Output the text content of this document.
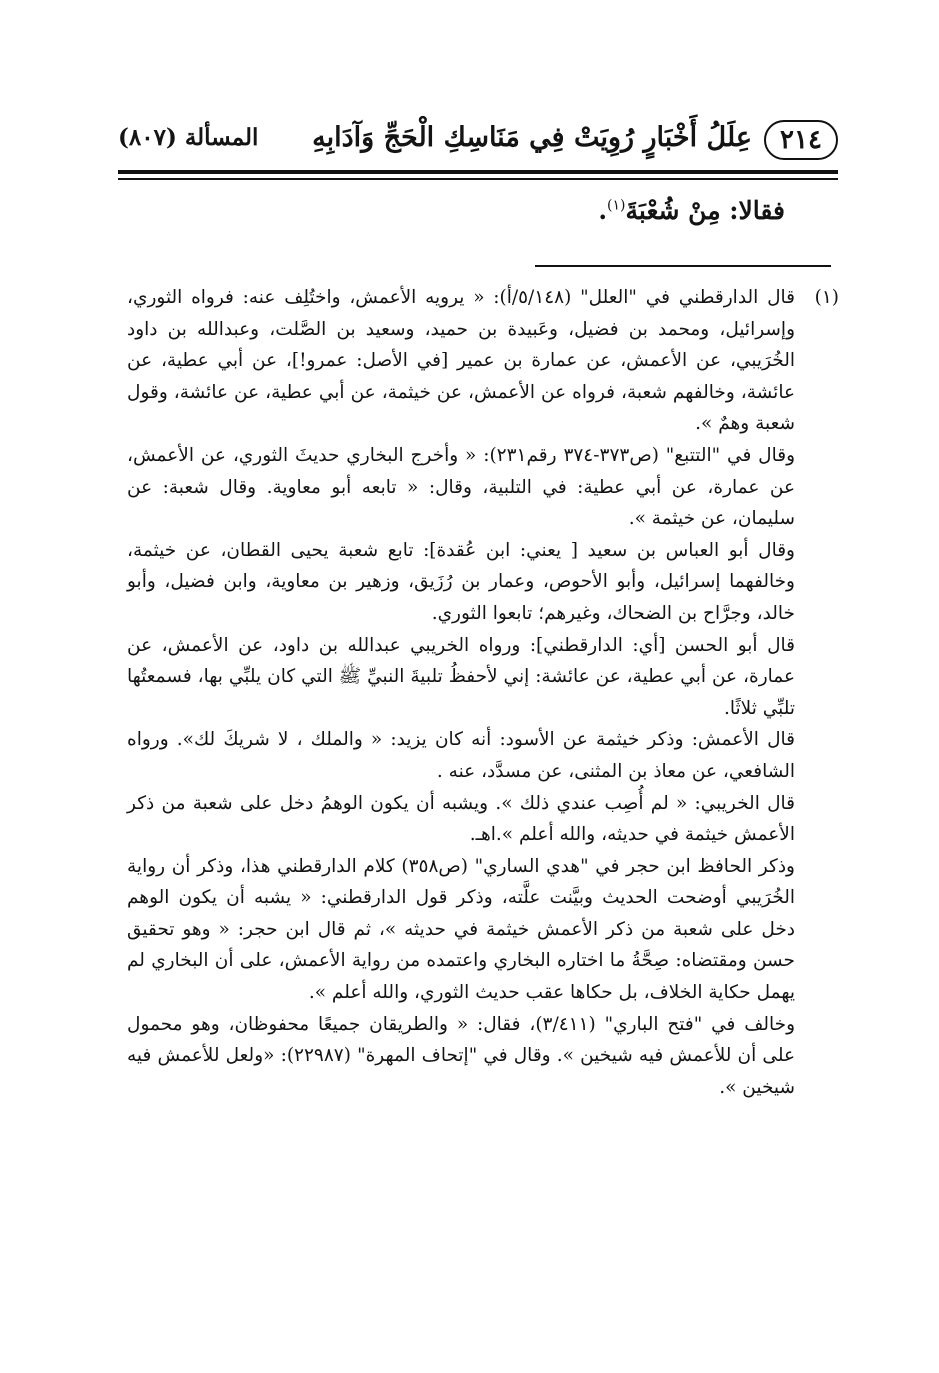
٢١٤
عِلَلُ أَخْبَارٍ رُوِيَتْ فِي مَنَاسِكِ الْحَجِّ وَآدَابِهِ
المسألة (٨٠٧)
فقالا: مِنْ شُعْبَةَ$^{(١)}$.
(١)

قال الدارقطني في "العلل" (٥/١٤٨/أ): « يرويه الأعمش، واختُلِف عنه: فرواه الثوري، وإسرائيل، ومحمد بن فضيل، وعَبيدة بن حميد، وسعيد بن الصَّلت، وعبدالله بن داود الخُرَيبي، عن الأعمش، عن عمارة بن عمير [في الأصل: عمرو!]، عن أبي عطية، عن عائشة، وخالفهم شعبة، فرواه عن الأعمش، عن خيثمة، عن أبي عطية، عن عائشة، وقول شعبة وهمٌ ».

وقال في "التتبع" (ص٣٧٣-٣٧٤ رقم٢٣١): « وأخرج البخاري حديثَ الثوري، عن الأعمش، عن عمارة، عن أبي عطية: في التلبية، وقال: « تابعه أبو معاوية. وقال شعبة: عن سليمان، عن خيثمة ».

وقال أبو العباس بن سعيد [ يعني: ابن عُقدة]: تابع شعبة يحيى القطان، عن خيثمة، وخالفهما إسرائيل، وأبو الأحوص، وعمار بن رُزَيق، وزهير بن معاوية، وابن فضيل، وأبو خالد، وجرَّاح بن الضحاك، وغيرهم؛ تابعوا الثوري.

قال أبو الحسن [أي: الدارقطني]: ورواه الخريبي عبدالله بن داود، عن الأعمش، عن عمارة، عن أبي عطية، عن عائشة: إني لأحفظُ تلبيةَ النبيِّ ﷺ التي كان يلبِّي بها، فسمعتُها تلبِّي ثلاثًا.

قال الأعمش: وذكر خيثمة عن الأسود: أنه كان يزيد: « والملك ، لا شريكَ لك». ورواه الشافعي، عن معاذ بن المثنى، عن مسدَّد، عنه .

قال الخريبي: « لم أُصِب عندي ذلك ». ويشبه أن يكون الوهمُ دخل على شعبة من ذكر الأعمش خيثمة في حديثه، والله أعلم ».اهـ.

وذكر الحافظ ابن حجر في "هدي الساري" (ص٣٥٨) كلام الدارقطني هذا، وذكر أن رواية الخُرَيبي أوضحت الحديث وبيَّنت علَّته، وذكر قول الدارقطني: « يشبه أن يكون الوهم دخل على شعبة من ذكر الأعمش خيثمة في حديثه »، ثم قال ابن حجر: « وهو تحقيق حسن ومقتضاه: صِحَّةُ ما اختاره البخاري واعتمده من رواية الأعمش، على أن البخاري لم يهمل حكاية الخلاف، بل حكاها عقب حديث الثوري، والله أعلم ».

وخالف في "فتح الباري" (٣/٤١١)، فقال: « والطريقان جميعًا محفوظان، وهو محمول على أن للأعمش فيه شيخين ». وقال في "إتحاف المهرة" (٢٢٩٨٧): «ولعل للأعمش فيه شيخين ».
